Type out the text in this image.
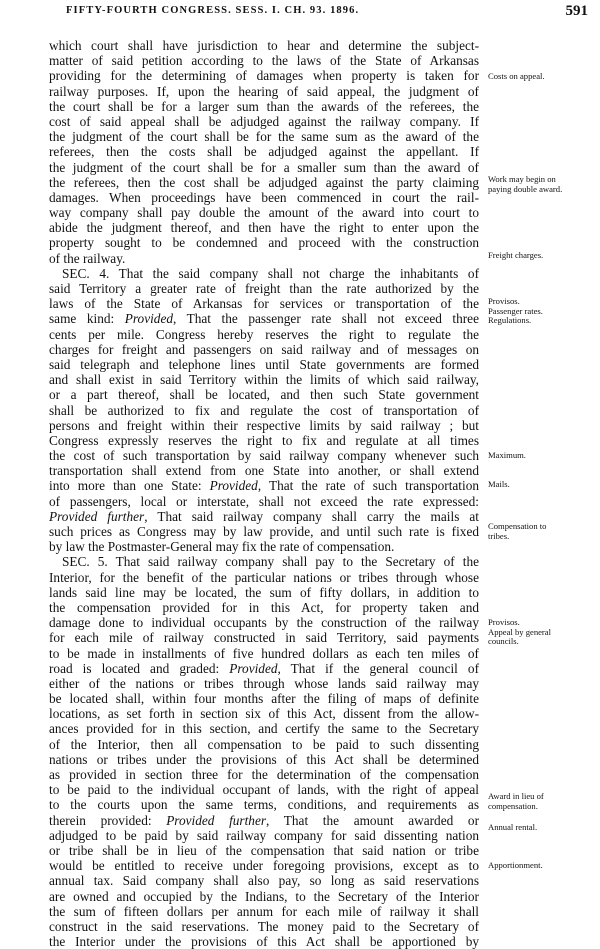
FIFTY-FOURTH CONGRESS. SESS. I. CH. 93. 1896.	591
which court shall have jurisdiction to hear and determine the subject-
matter of said petition according to the laws of the State of Arkansas
providing for the determining of damages when property is taken for
railway purposes. If, upon the hearing of said appeal, the judgment of
the court shall be for a larger sum than the awards of the referees, the
cost of said appeal shall be adjudged against the railway company. If
the judgment of the court shall be for the same sum as the award of the
referees, then the costs shall be adjudged against the appellant. If
the judgment of the court shall be for a smaller sum than the award of
the referees, then the cost shall be adjudged against the party claiming
damages. When proceedings have been commenced in court the rail-
way company shall pay double the amount of the award into court to
abide the judgment thereof, and then have the right to enter upon the
property sought to be condemned and proceed with the construction
of the railway.
SEC. 4. That the said company shall not charge the inhabitants of
said Territory a greater rate of freight than the rate authorized by the
laws of the State of Arkansas for services or transportation of the
same kind: Provided, That the passenger rate shall not exceed three
cents per mile. Congress hereby reserves the right to regulate the
charges for freight and passengers on said railway and of messages on
said telegraph and telephone lines until State governments are formed
and shall exist in said Territory within the limits of which said railway,
or a part thereof, shall be located, and then such State government
shall be authorized to fix and regulate the cost of transportation of
persons and freight within their respective limits by said railway ; but
Congress expressly reserves the right to fix and regulate at all times
the cost of such transportation by said railway company whenever such
transportation shall extend from one State into another, or shall extend
into more than one State: Provided, That the rate of such transportation
of passengers, local or interstate, shall not exceed the rate expressed:
Provided further, That said railway company shall carry the mails at
such prices as Congress may by law provide, and until such rate is fixed
by law the Postmaster-General may fix the rate of compensation.
SEC. 5. That said railway company shall pay to the Secretary of the
Interior, for the benefit of the particular nations or tribes through whose
lands said line may be located, the sum of fifty dollars, in addition to
the compensation provided for in this Act, for property taken and
damage done to individual occupants by the construction of the railway
for each mile of railway constructed in said Territory, said payments
to be made in installments of five hundred dollars as each ten miles of
road is located and graded: Provided, That if the general council of
either of the nations or tribes through whose lands said railway may
be located shall, within four months after the filing of maps of definite
locations, as set forth in section six of this Act, dissent from the allow-
ances provided for in this section, and certify the same to the Secretary
of the Interior, then all compensation to be paid to such dissenting
nations or tribes under the provisions of this Act shall be determined
as provided in section three for the determination of the compensation
to be paid to the individual occupant of lands, with the right of appeal
to the courts upon the same terms, conditions, and requirements as
therein provided: Provided further, That the amount awarded or
adjudged to be paid by said railway company for said dissenting nation
or tribe shall be in lieu of the compensation that said nation or tribe
would be entitled to receive under foregoing provisions, except as to
annual tax. Said company shall also pay, so long as said reservations
are owned and occupied by the Indians, to the Secretary of the Interior
the sum of fifteen dollars per annum for each mile of railway it shall
construct in the said reservations. The money paid to the Secretary of
the Interior under the provisions of this Act shall be apportioned by
Costs on appeal.
Work may begin on
paying double award.
Freight charges.
Provisos.
Passenger rates.
Regulations.
Maximum.
Mails.
Compensation to
tribes.
Provisos.
Appeal by general
councils.
Award in lieu of
compensation.
Annual rental.
Apportionment.
